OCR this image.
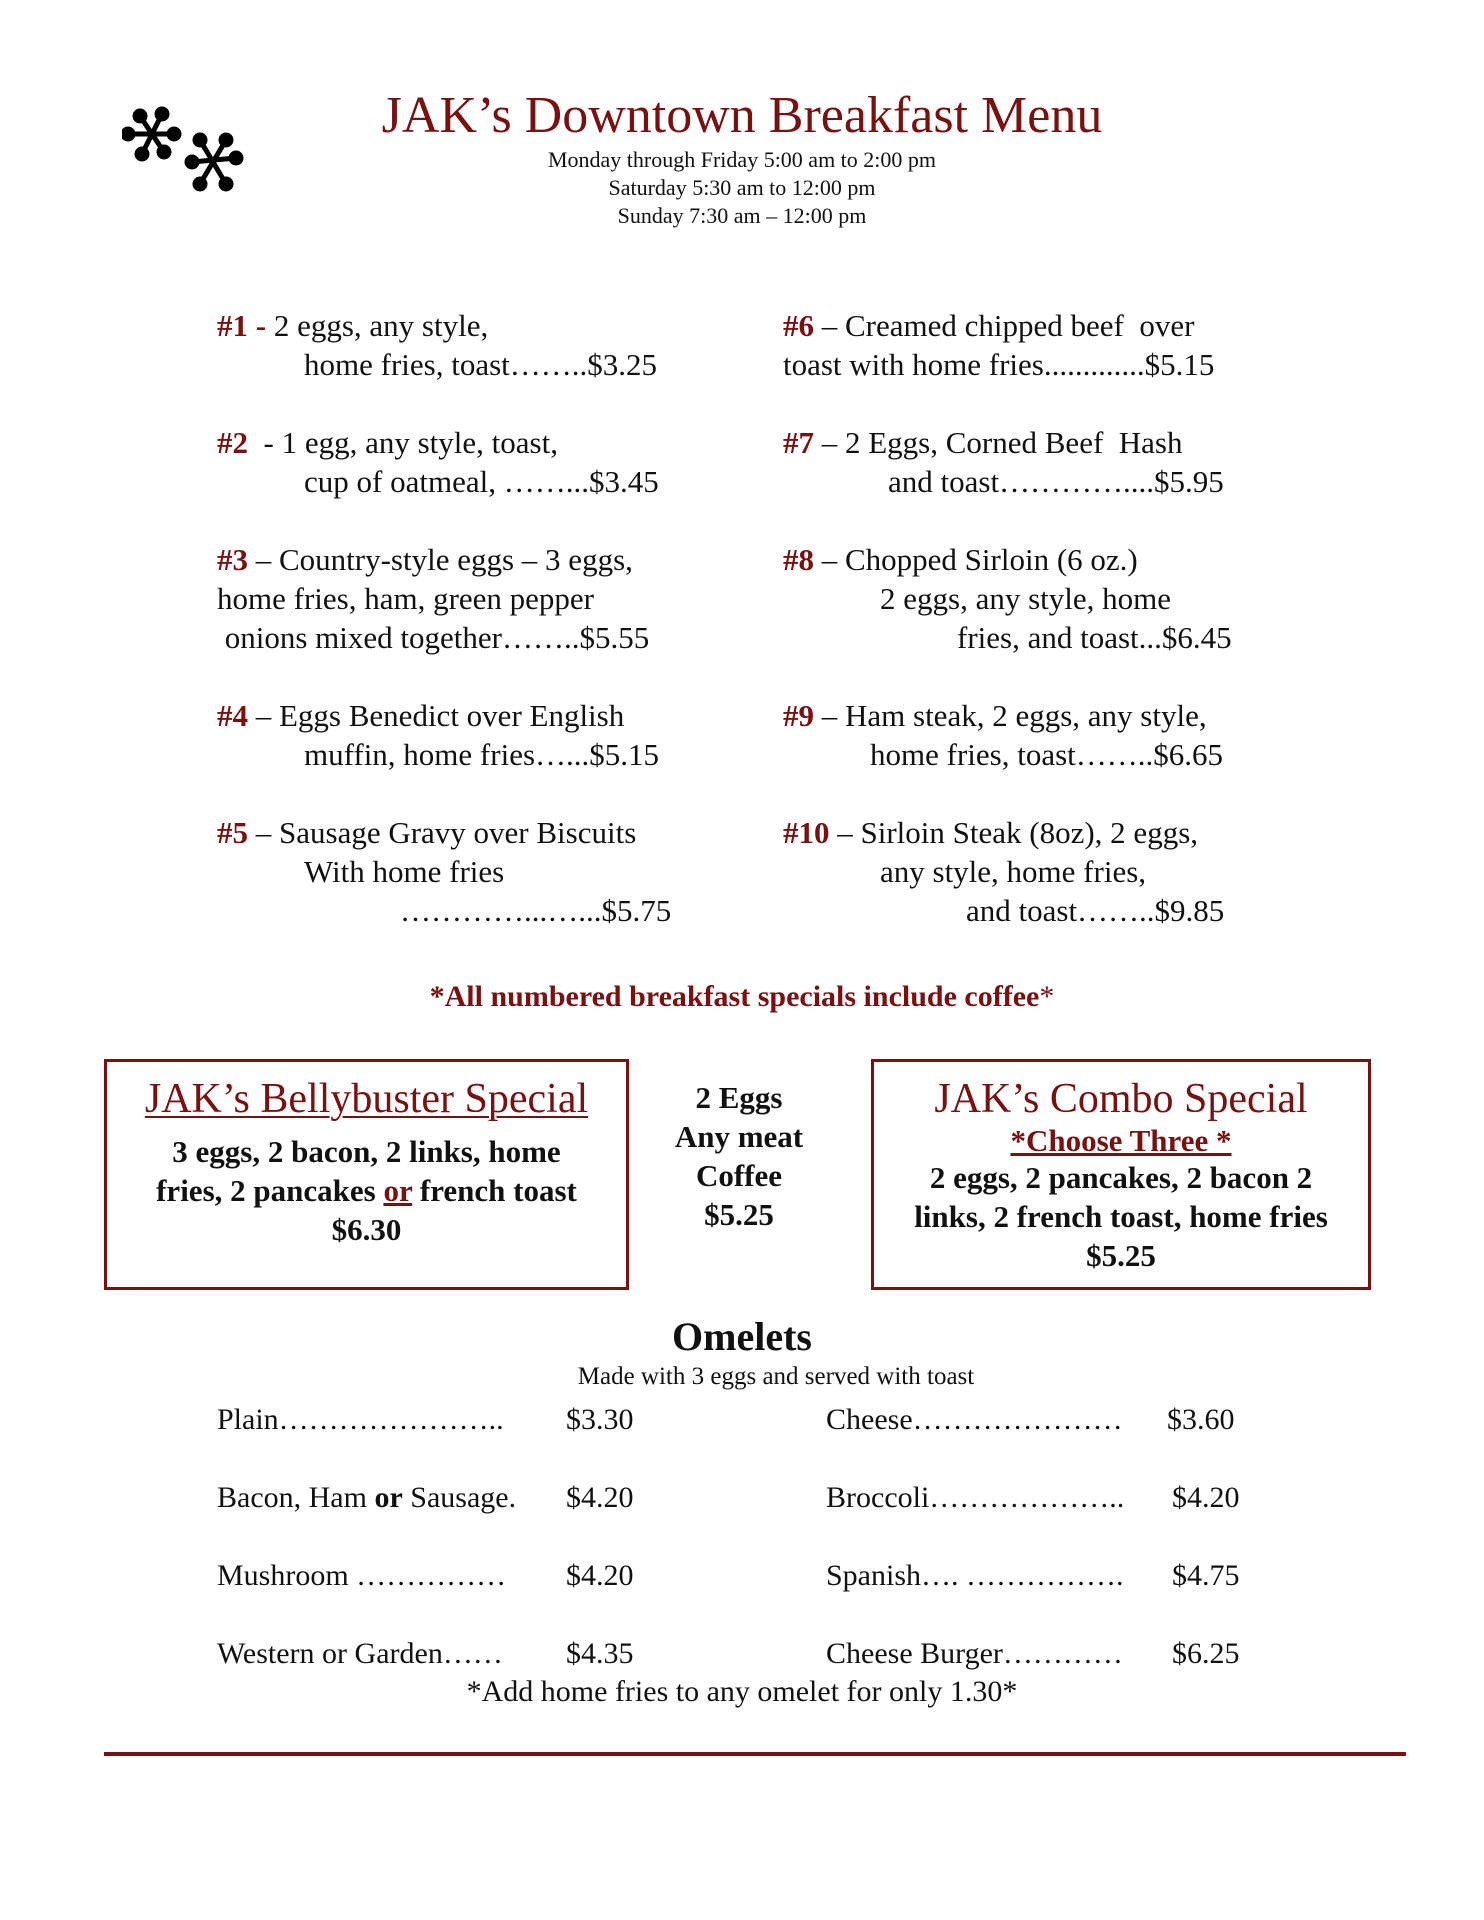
JAK’s Downtown Breakfast Menu
Monday through Friday 5:00 am to 2:00 pm
Saturday 5:30 am to 12:00 pm
Sunday 7:30 am – 12:00 pm
#1 - 2 eggs, any style,
home fries, toast……..$3.25
#2  - 1 egg, any style, toast,
cup of oatmeal, ……...$3.45
#3 – Country-style eggs – 3 eggs,
home fries, ham, green pepper
onions mixed together……..$5.55
#4 – Eggs Benedict over English
muffin, home fries…...$5.15
#5 – Sausage Gravy over Biscuits
With home fries
…………...…...$5.75
#6 – Creamed chipped beef  over
toast with home fries.............$5.15
#7 – 2 Eggs, Corned Beef  Hash
and toast…………....$5.95
#8 – Chopped Sirloin (6 oz.)
2 eggs, any style, home
fries, and toast...$6.45
#9 – Ham steak, 2 eggs, any style,
home fries, toast……..$6.65
#10 – Sirloin Steak (8oz), 2 eggs,
any style, home fries,
and toast……..$9.85
*All numbered breakfast specials include coffee*
JAK’s Bellybuster Special
3 eggs, 2 bacon, 2 links, home
fries, 2 pancakes or french toast
$6.30
2 Eggs
Any meat
Coffee
$5.25
JAK’s Combo Special
*Choose Three *
2 eggs, 2 pancakes, 2 bacon 2
links, 2 french toast, home fries
$5.25
Omelets
Made with 3 eggs and served with toast
Plain………………….. $3.30
Bacon, Ham or Sausage. $4.20
Mushroom …………… $4.20
Western or Garden…… $4.35
Cheese………………… $3.60
Broccoli……………….. $4.20
Spanish…. ……………. $4.75
Cheese Burger………… $6.25
*Add home fries to any omelet for only 1.30*
